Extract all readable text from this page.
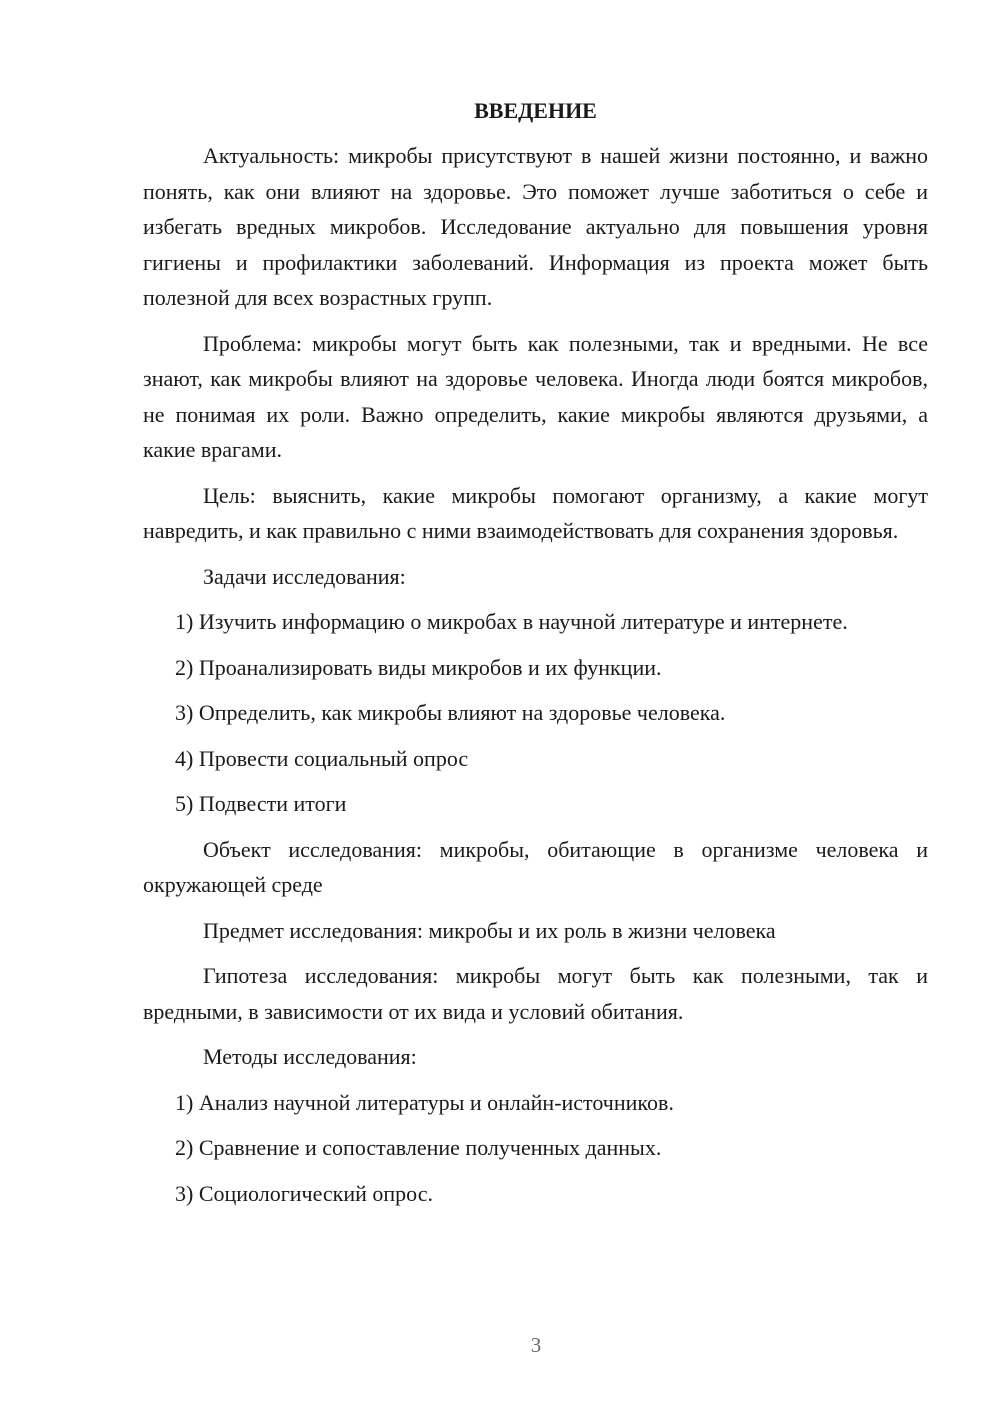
ВВЕДЕНИЕ

Актуальность: микробы присутствуют в нашей жизни постоянно, и важно понять, как они влияют на здоровье. Это поможет лучше заботиться о себе и избегать вредных микробов. Исследование актуально для повышения уровня гигиены и профилактики заболеваний. Информация из проекта может быть полезной для всех возрастных групп.

Проблема: микробы могут быть как полезными, так и вредными. Не все знают, как микробы влияют на здоровье человека. Иногда люди боятся микробов, не понимая их роли. Важно определить, какие микробы являются друзьями, а какие врагами.

Цель: выяснить, какие микробы помогают организму, а какие могут навредить, и как правильно с ними взаимодействовать для сохранения здоровья.

Задачи исследования:

1) Изучить информацию о микробах в научной литературе и интернете.

2) Проанализировать виды микробов и их функции.

3) Определить, как микробы влияют на здоровье человека.

4) Провести социальный опрос

5) Подвести итоги

Объект исследования: микробы, обитающие в организме человека и окружающей среде

Предмет исследования: микробы и их роль в жизни человека

Гипотеза исследования: микробы могут быть как полезными, так и вредными, в зависимости от их вида и условий обитания.

Методы исследования:

1) Анализ научной литературы и онлайн-источников.

2) Сравнение и сопоставление полученных данных.

3) Социологический опрос.

3
